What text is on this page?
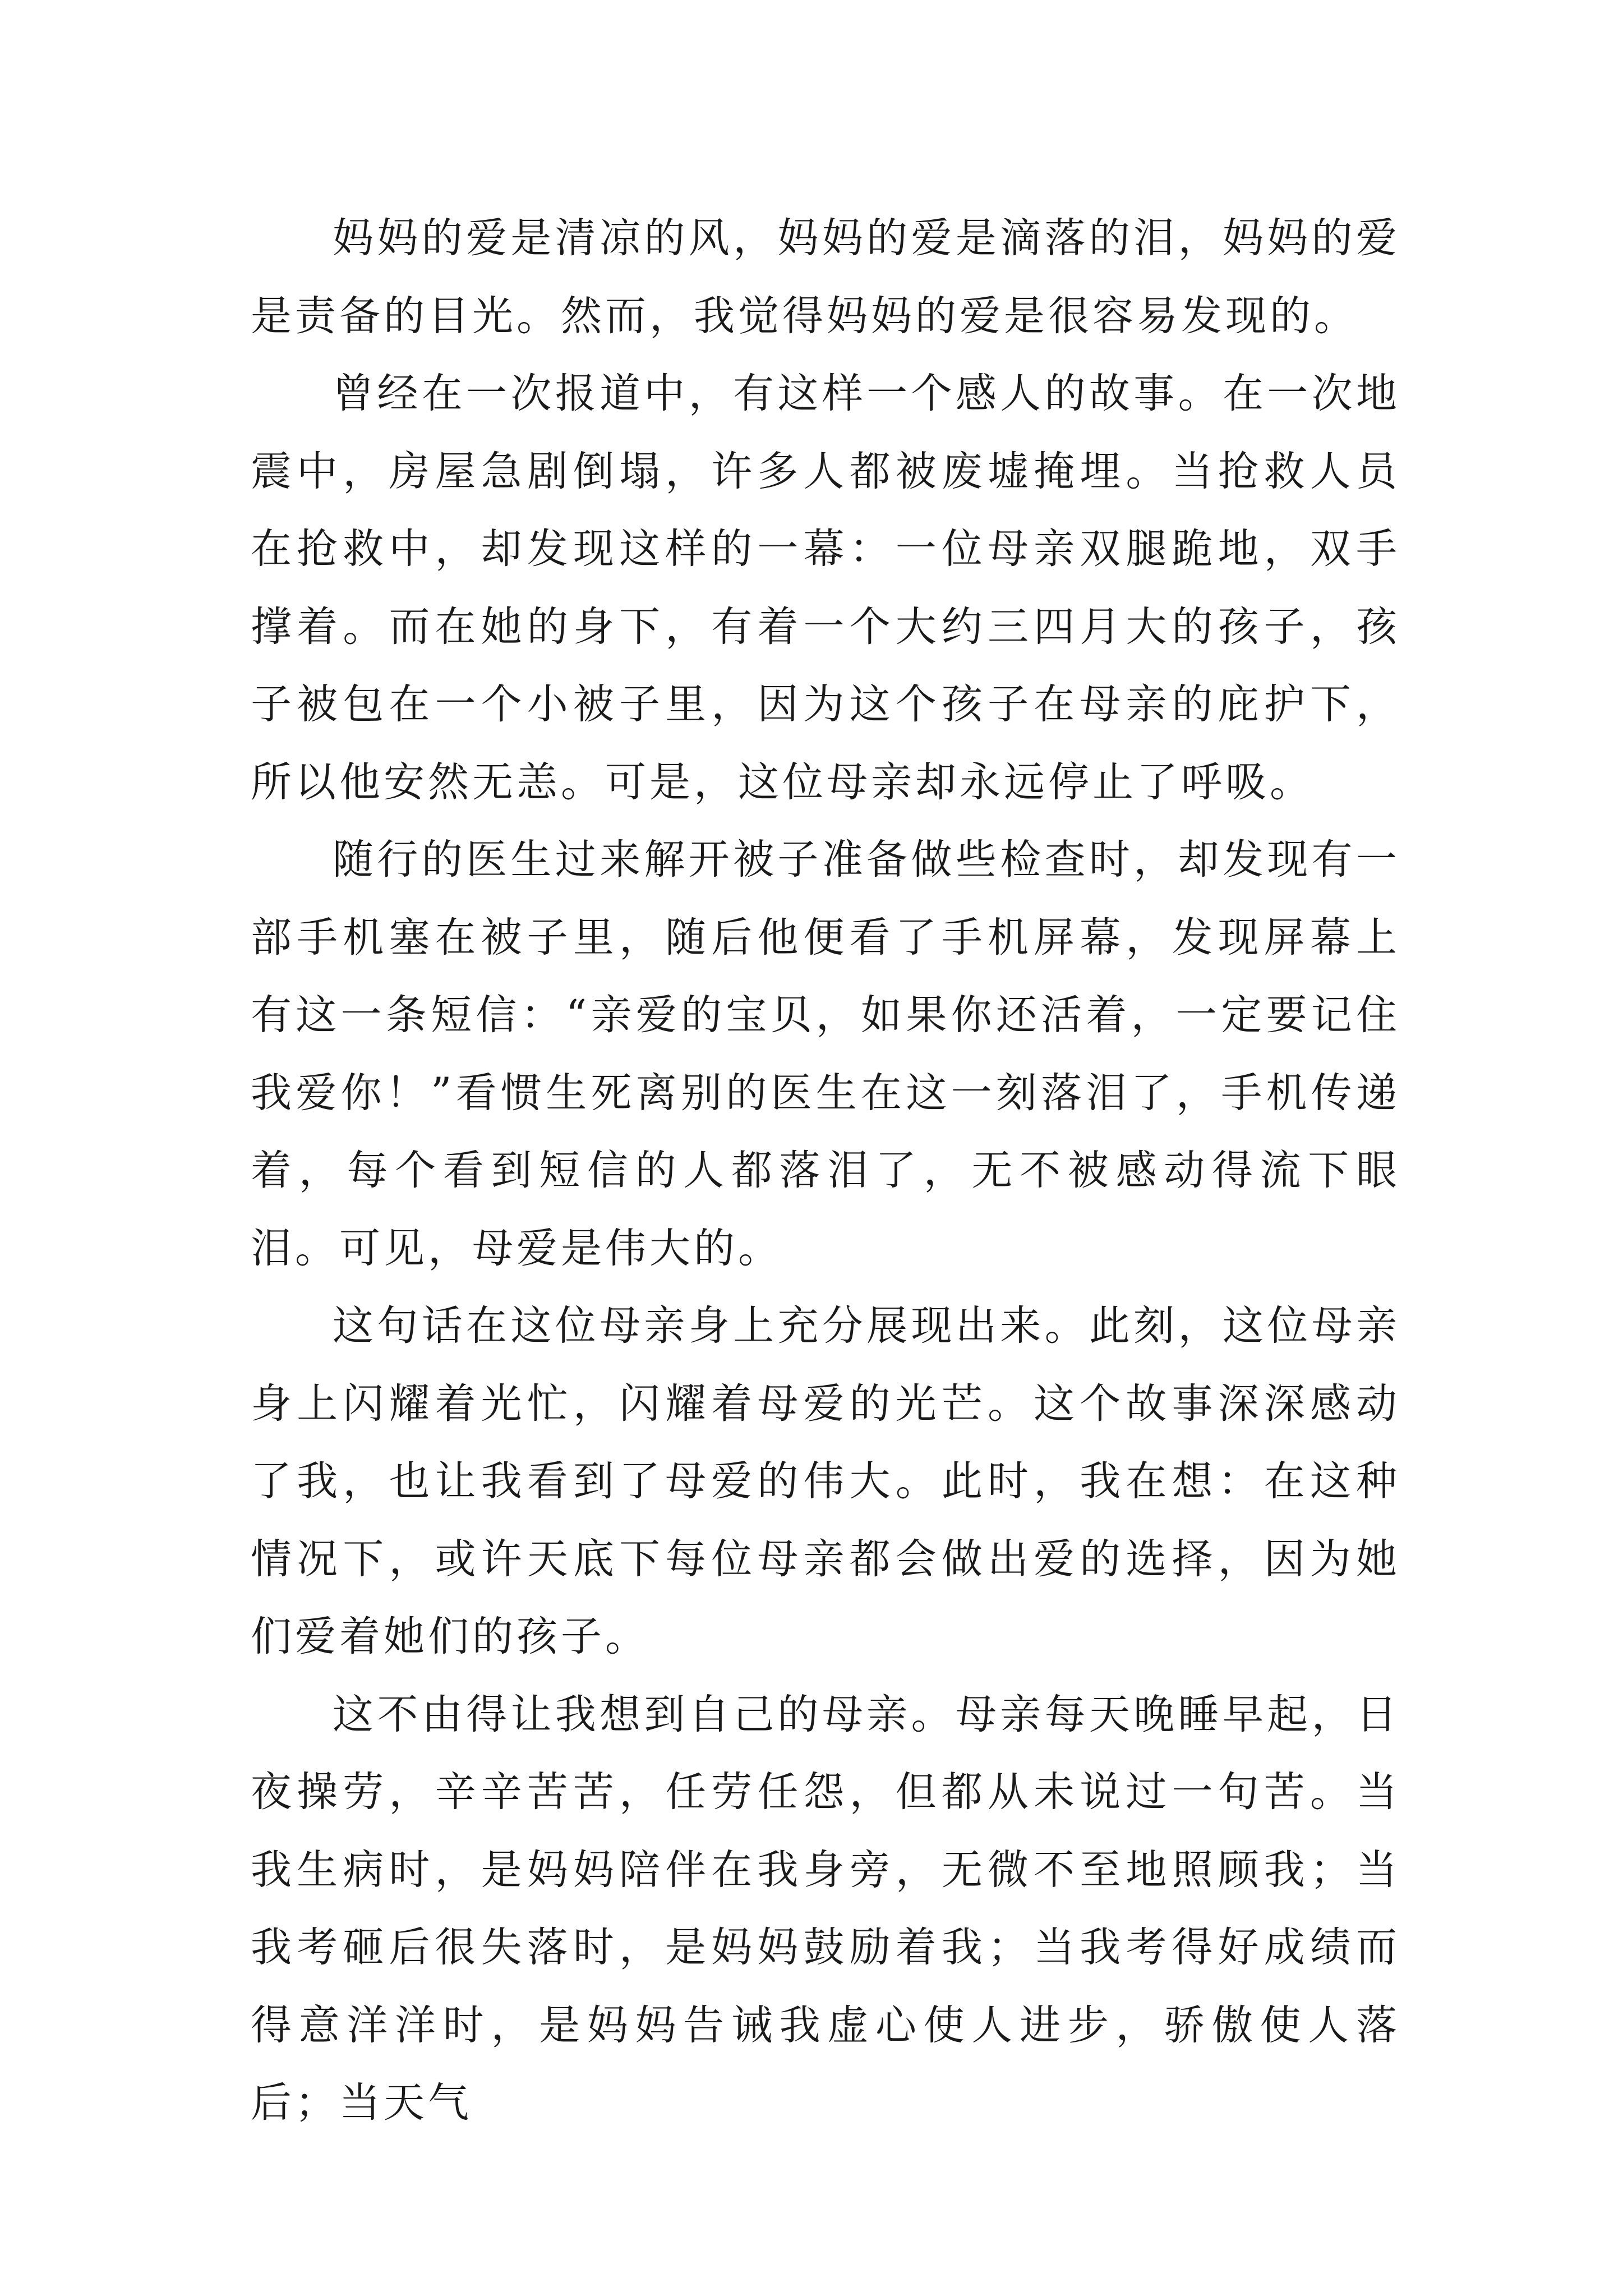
妈妈的爱是清凉的风，妈妈的爱是滴落的泪，妈妈的爱是责备的目光。然而，我觉得妈妈的爱是很容易发现的。

曾经在一次报道中，有这样一个感人的故事。在一次地震中，房屋急剧倒塌，许多人都被废墟掩埋。当抢救人员在抢救中，却发现这样的一幕：一位母亲双腿跪地，双手撑着。而在她的身下，有着一个大约三四月大的孩子，孩子被包在一个小被子里，因为这个孩子在母亲的庇护下，所以他安然无恙。可是，这位母亲却永远停止了呼吸。

随行的医生过来解开被子准备做些检查时，却发现有一部手机塞在被子里，随后他便看了手机屏幕，发现屏幕上有这一条短信：“亲爱的宝贝，如果你还活着，一定要记住我爱你！”看惯生死离别的医生在这一刻落泪了，手机传递着，每个看到短信的人都落泪了，无不被感动得流下眼泪。可见，母爱是伟大的。

这句话在这位母亲身上充分展现出来。此刻，这位母亲身上闪耀着光忙，闪耀着母爱的光芒。这个故事深深感动了我，也让我看到了母爱的伟大。此时，我在想：在这种情况下，或许天底下每位母亲都会做出爱的选择，因为她们爱着她们的孩子。

这不由得让我想到自己的母亲。母亲每天晚睡早起，日夜操劳，辛辛苦苦，任劳任怨，但都从未说过一句苦。当我生病时，是妈妈陪伴在我身旁，无微不至地照顾我；当我考砸后很失落时，是妈妈鼓励着我；当我考得好成绩而得意洋洋时，是妈妈告诫我虚心使人进步，骄傲使人落后；当天气
